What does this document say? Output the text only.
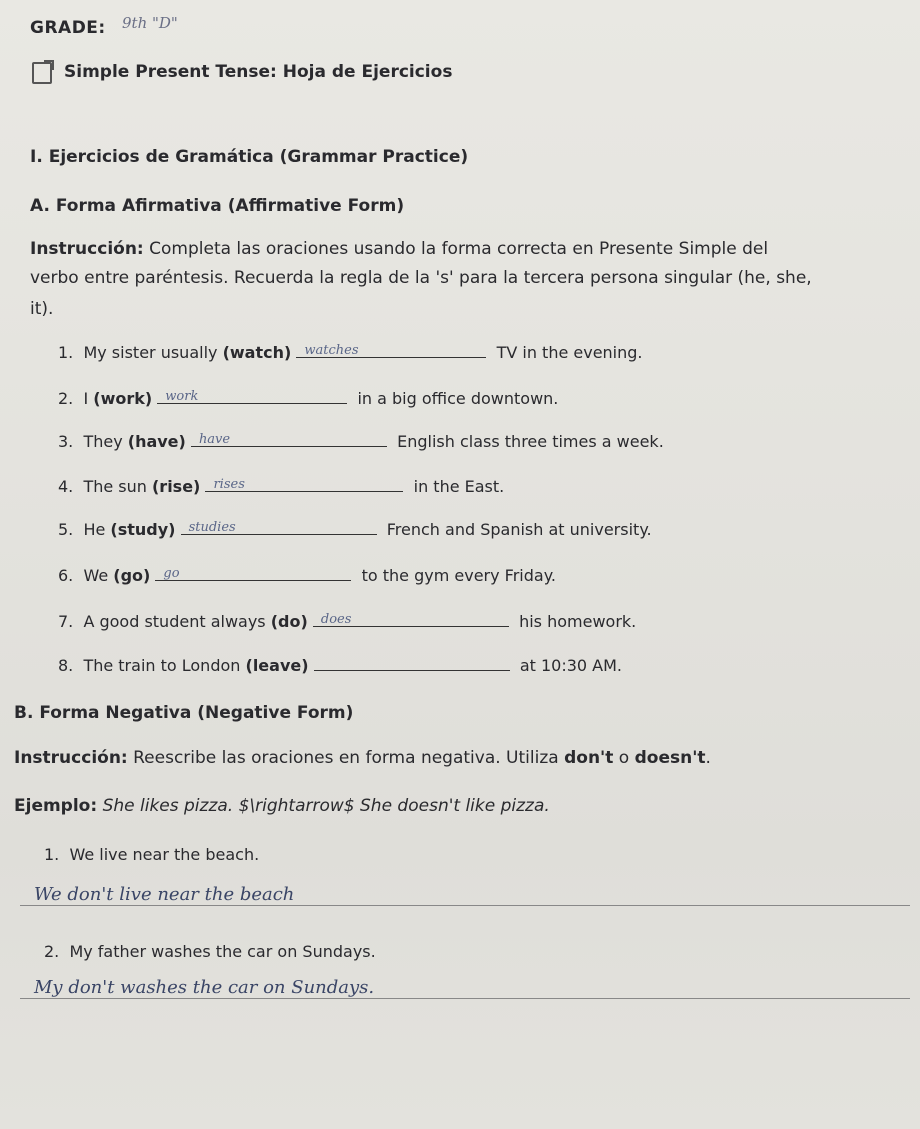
GRADE: 9th "D"
Simple Present Tense: Hoja de Ejercicios
I. Ejercicios de Gramática (Grammar Practice)
A. Forma Afirmativa (Affirmative Form)
Instrucción: Completa las oraciones usando la forma correcta en Presente Simple del
verbo entre paréntesis. Recuerda la regla de la 's' para la tercera persona singular (he, she,
it).
1. My sister usually (watch) watches	TV in the evening.
2. I (work) work	in a big office downtown.
3. They (have) have	English class three times a week.
4. The sun (rise) rises	in the East.
5. He (study) studies	French and Spanish at university.
6. We (go) go	to the gym every Friday.
7. A good student always (do) does	his homework.
8. The train to London (leave)	at 10:30 AM.
B. Forma Negativa (Negative Form)
Instrucción: Reescribe las oraciones en forma negativa. Utiliza don't o doesn't.
Ejemplo: She likes pizza. $\rightarrow$ She doesn't like pizza.
1. We live near the beach.
We don't live near the beach
2. My father washes the car on Sundays.
My don't washes the car on Sundays.
